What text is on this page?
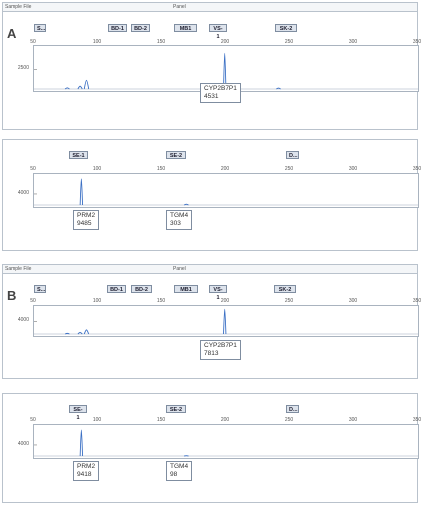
Sample File	Panel
A	S...	BD-1	BD-2	MB1	VS-1
SK-2
50	100	150	200	250	300	350
2500
CYP2B7P1
4531
SE-1	SE-2	D...
50	100	150	200	250	300	350
4000
PRM2
9485
TGM4
303
Sample File	Panel
B	S...	BD-1	BD-2	MB1	VS-1
SK-2
50	100	150	200	250	300	350
4000
CYP2B7P1
7813
SE-1
SE-2	D...
50	100	150	200	250	300	350
4000
PRM2
9418
TGM4
98
